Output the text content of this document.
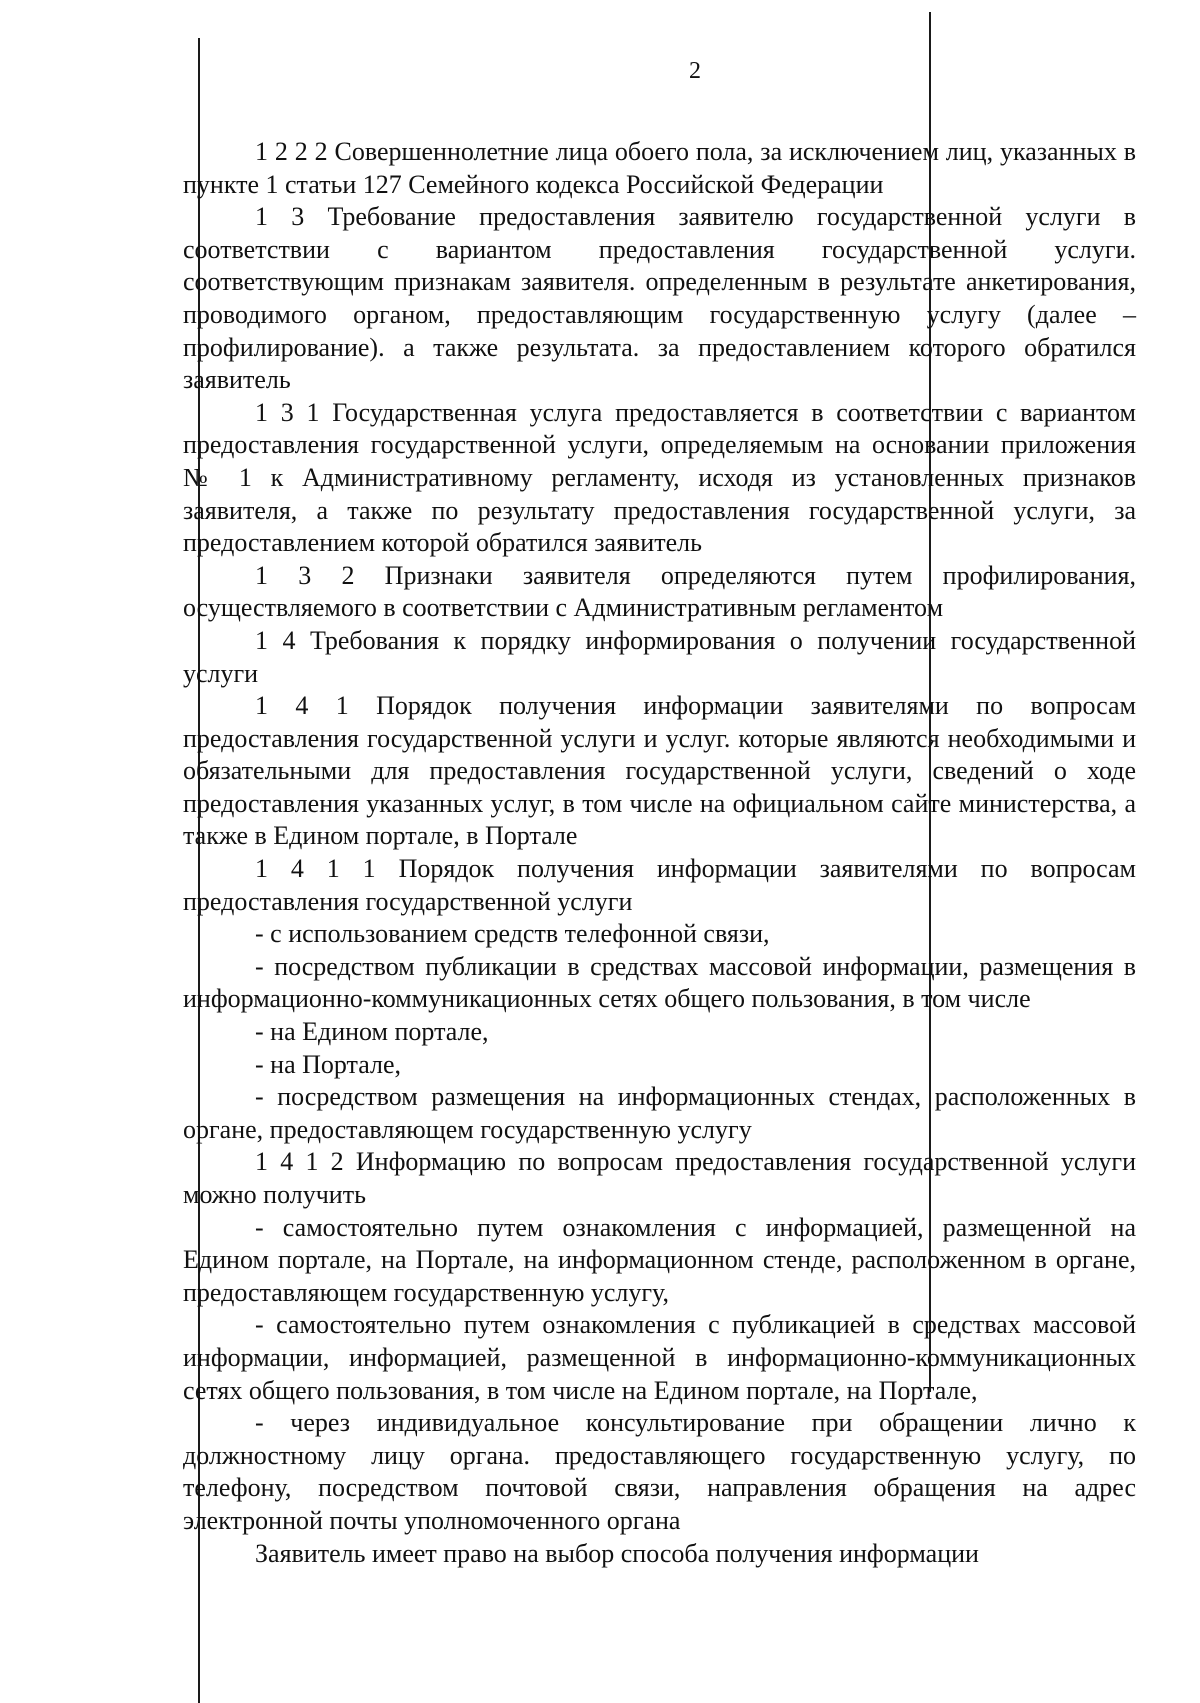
2

1 2 2 2 Совершеннолетние лица обоего пола, за исключением лиц, указанных в пункте 1 статьи 127 Семейного кодекса Российской Федерации

1 3 Требование предоставления заявителю государственной услуги в соответствии с вариантом предоставления государственной услуги. соответствующим признакам заявителя. определенным в результате анкетирования, проводимого органом, предоставляющим государственную услугу (далее – профилирование). а также результата. за предоставлением которого обратился заявитель

1 3 1 Государственная услуга предоставляется в соответствии с вариантом предоставления государственной услуги, определяемым на основании приложения № 1 к Административному регламенту, исходя из установленных признаков заявителя, а также по результату предоставления государственной услуги, за предоставлением которой обратился заявитель

1 3 2 Признаки заявителя определяются путем профилирования, осуществляемого в соответствии с Административным регламентом

1 4 Требования к порядку информирования о получении государственной услуги

1 4 1 Порядок получения информации заявителями по вопросам предоставления государственной услуги и услуг. которые являются необходимыми и обязательными для предоставления государственной услуги, сведений о ходе предоставления указанных услуг, в том числе на официальном сайте министерства, а также в Едином портале, в Портале

1 4 1 1 Порядок получения информации заявителями по вопросам предоставления государственной услуги

- с использованием средств телефонной связи,

- посредством публикации в средствах массовой информации, размещения в информационно-коммуникационных сетях общего пользования, в том числе

- на Едином портале,

- на Портале,

- посредством размещения на информационных стендах, расположенных в органе, предоставляющем государственную услугу

1 4 1 2 Информацию по вопросам предоставления государственной услуги можно получить

- самостоятельно путем ознакомления с информацией, размещенной на Едином портале, на Портале, на информационном стенде, расположенном в органе, предоставляющем государственную услугу,

- самостоятельно путем ознакомления с публикацией в средствах массовой информации, информацией, размещенной в информационно-коммуникационных сетях общего пользования, в том числе на Едином портале, на Портале,

- через индивидуальное консультирование при обращении лично к должностному лицу органа. предоставляющего государственную услугу, по телефону, посредством почтовой связи, направления обращения на адрес электронной почты уполномоченного органа

Заявитель имеет право на выбор способа получения информации
